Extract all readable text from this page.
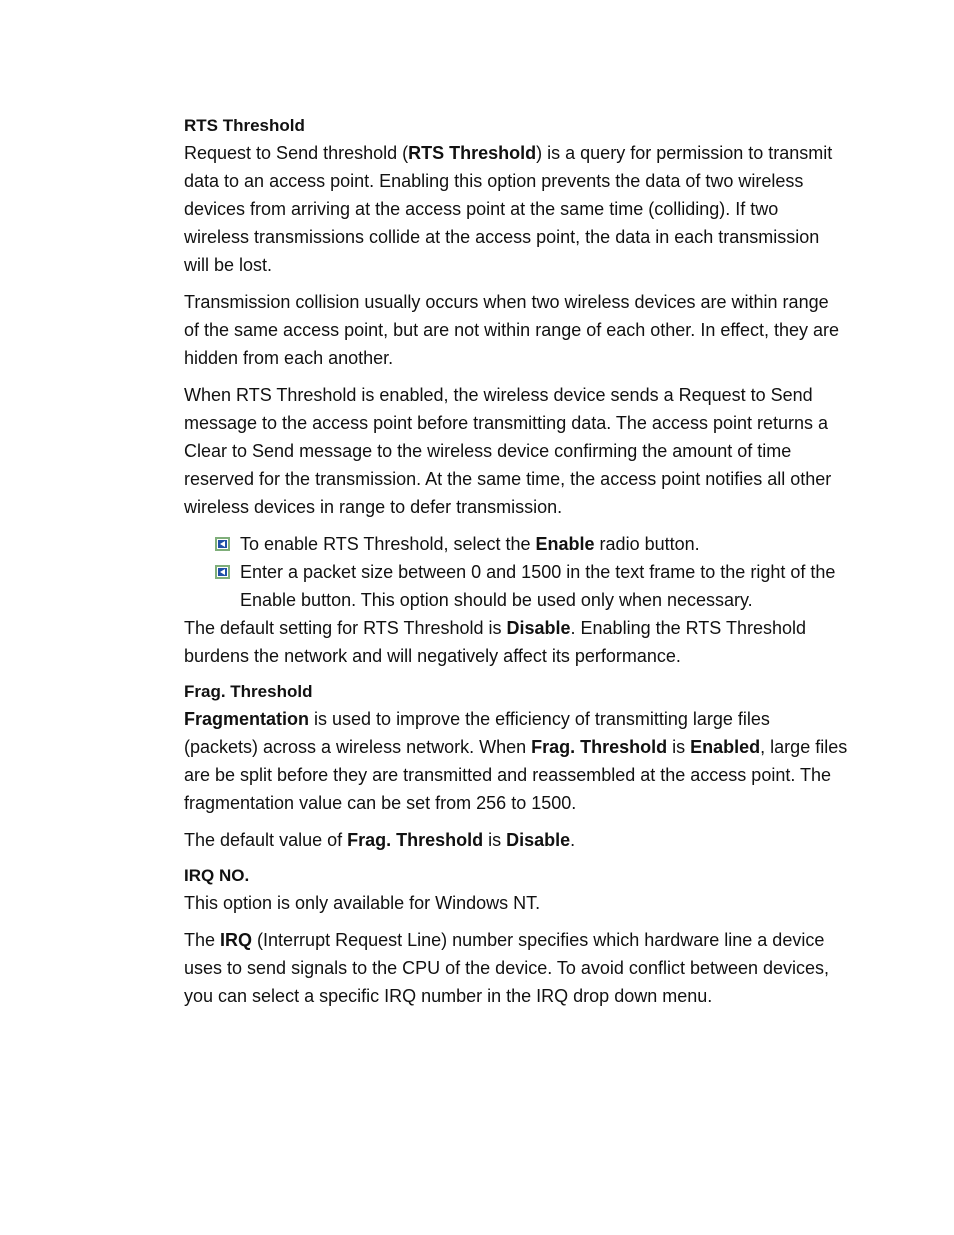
RTS Threshold

Request to Send threshold (RTS Threshold) is a query for permission to transmit data to an access point. Enabling this option prevents the data of two wireless devices from arriving at the access point at the same time (colliding). If two wireless transmissions collide at the access point, the data in each transmission will be lost.

Transmission collision usually occurs when two wireless devices are within range of the same access point, but are not within range of each other. In effect, they are hidden from each another.

When RTS Threshold is enabled, the wireless device sends a Request to Send message to the access point before transmitting data. The access point returns a Clear to Send message to the wireless device confirming the amount of time reserved for the transmission. At the same time, the access point notifies all other wireless devices in range to defer transmission.

To enable RTS Threshold, select the Enable radio button.
Enter a packet size between 0 and 1500 in the text frame to the right of the Enable button. This option should be used only when necessary.

The default setting for RTS Threshold is Disable. Enabling the RTS Threshold burdens the network and will negatively affect its performance.

Frag. Threshold

Fragmentation is used to improve the efficiency of transmitting large files (packets) across a wireless network. When Frag. Threshold is Enabled, large files are be split before they are transmitted and reassembled at the access point. The fragmentation value can be set from 256 to 1500.

The default value of Frag. Threshold is Disable.

IRQ NO.

This option is only available for Windows NT.

The IRQ (Interrupt Request Line) number specifies which hardware line a device uses to send signals to the CPU of the device. To avoid conflict between devices, you can select a specific IRQ number in the IRQ drop down menu.
